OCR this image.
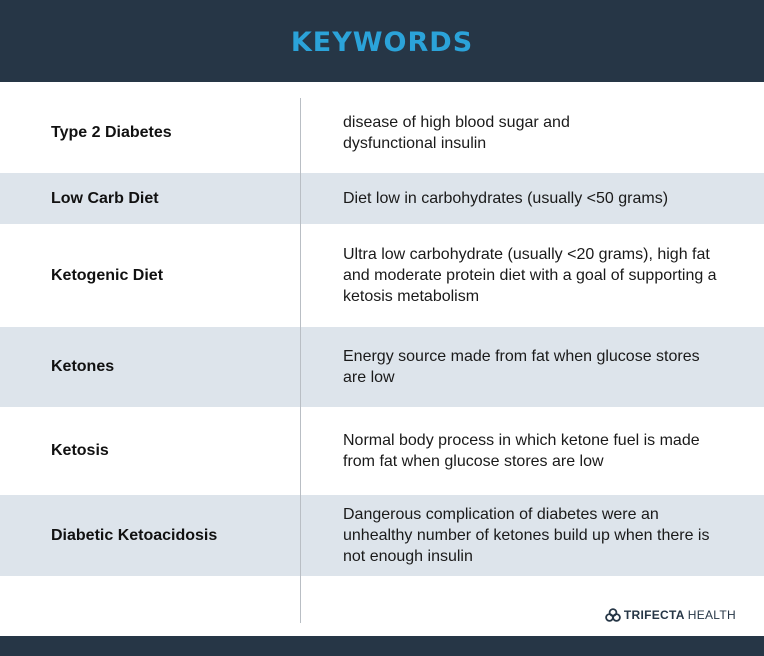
KEYWORDS
Type 2 Diabetes
disease of high blood sugar and dysfunctional insulin
Low Carb Diet	Diet low in carbohydrates (usually <50 grams)
Ketogenic Diet
Ultra low carbohydrate (usually <20 grams), high fat and moderate protein diet with a goal of supporting a ketosis metabolism
Ketones
Energy source made from fat when glucose stores are low
Ketosis
Normal body process in which ketone fuel is made from fat when glucose stores are low
Diabetic Ketoacidosis
Dangerous complication of diabetes were an unhealthy number of ketones build up when there is not enough insulin
TRIFECTA HEALTH
